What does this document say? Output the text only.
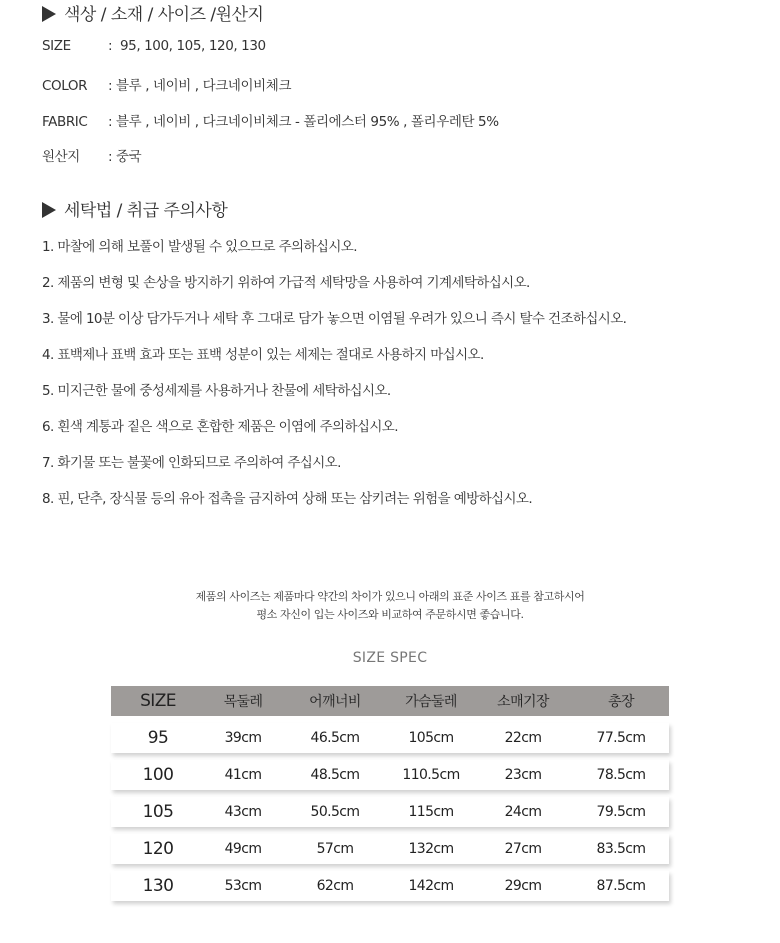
색상 / 소재 / 사이즈 /원산지
SIZE	: 95, 100, 105, 120, 130
COLOR : 블루 , 네이비 , 다크네이비체크
FABRIC : 블루 , 네이비 , 다크네이비체크 - 폴리에스터 95% , 폴리우레탄 5%
원산지 : 중국
세탁법 / 취급 주의사항
1. 마찰에 의해 보풀이 발생될 수 있으므로 주의하십시오.
2. 제품의 변형 및 손상을 방지하기 위하여 가급적 세탁망을 사용하여 기계세탁하십시오.
3. 물에 10분 이상 담가두거나 세탁 후 그대로 담가 놓으면 이염될 우려가 있으니 즉시 탈수 건조하십시오.
4. 표백제나 표백 효과 또는 표백 성분이 있는 세제는 절대로 사용하지 마십시오.
5. 미지근한 물에 중성세제를 사용하거나 찬물에 세탁하십시오.
6. 흰색 계통과 짙은 색으로 혼합한 제품은 이염에 주의하십시오.
7. 화기물 또는 불꽃에 인화되므로 주의하여 주십시오.
8. 핀, 단추, 장식물 등의 유아 접촉을 금지하여 상해 또는 삼키려는 위험을 예방하십시오.
제품의 사이즈는 제품마다 약간의 차이가 있으니 아래의 표준 사이즈 표를 참고하시어
평소 자신이 입는 사이즈와 비교하여 주문하시면 좋습니다.
SIZE SPEC
SIZE	목둘레	어깨너비	가슴둘레	소매기장	총장
95	39cm	46.5cm	105cm	22cm	77.5cm
100	41cm	48.5cm	110.5cm	23cm	78.5cm
105	43cm	50.5cm	115cm	24cm	79.5cm
120	49cm	57cm	132cm	27cm	83.5cm
130	53cm	62cm	142cm	29cm	87.5cm
